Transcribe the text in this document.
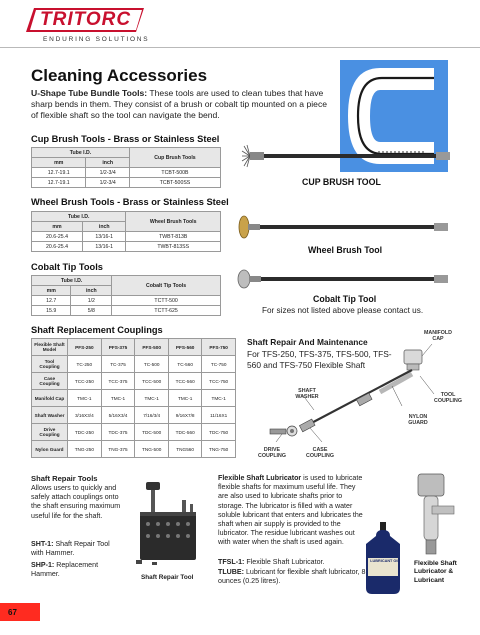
TRITORC
ENDURING SOLUTIONS
Cleaning Accessories
U-Shape Tube Bundle Tools: These tools are used to clean tubes that have sharp bends in them. They consist of a brush or cobalt tip mounted on a piece of flexible shaft so the tool can navigate the bend.
Cup Brush Tools - Brass or Stainless Steel
Tube I.D.		Cup Brush Tools
mm	inch	
12.7-19.1	1/2-3/4	TCBT-500B
12.7-19.1	1/2-3/4	TCBT-500SS	CUP BRUSH TOOL
Wheel Brush Tools - Brass or Stainless Steel
Tube I.D.		Wheel Brush Tools
mm	inch	
20.6-25.4	13/16-1	TWBT-813B
20.6-25.4	13/16-1	TWBT-813SS	Wheel Brush Tool
Cobalt Tip Tools
Tube I.D.		Cobalt Tip Tools
mm	inch	
12.7	1/2	TCTT-500
15.9	5/8	TCTT-625
Cobalt Tip Tool
For sizes not listed above please contact us.
Shaft Replacement Couplings
Flexible Shaft Model	PFS-250	PFS-375	PFS-500	PFS-560	PFS-750
Tool Coupling	TC-250	TC-375	TC-500	TC-560	TC-750
Case Coupling	TCC-250	TCC-375	TCC-500	TCC-560	TCC-750
Manifold Cap	TMC-1	TMC-1	TMC-1	TMC-1	TMC-1
Shaft Washer	3/16X3/4	5/16X3/4	7/16/3/4	9/16X7/8	11/16X1
Drive Coupling	TDC-250	TDC-375	TDC-500	TDC-560	TDC-750
Nylon Guard	TNG-250	TNG-375	TNG-500	TNG560	TNG-750
Shaft Repair And Maintenance
For TFS-250, TFS-375, TFS-500, TFS-560 and TFS-750 Flexible Shaft
MANIFOLD CAP
SHAFT WASHER	TOOL COUPLING
NYLON GUARD
DRIVE COUPLING
CASE COUPLING
Shaft Repair Tools
Allows users to quickly and safely attach couplings onto the shaft ensuring maximum useful life for the shaft.
SHT-1: Shaft Repair Tool with Hammer.
SHP-1: Replacement Hammer.	Shaft Repair Tool
Flexible Shaft Lubricator is used to lubricate flexible shafts for maximum useful life. They are also used to lubricate shafts prior to storage. The lubricator is filled with a water soluble lubricant that enters and lubricates the shaft when air supply is provided to the lubricator. The residue lubricant washes out with water when the shaft is used again.
TFSL-1: Flexible Shaft Lubricator.
TLUBE: Lubricant for flexible shaft lubricator, 8 ounces (0.25 litres).
LUBRICANT OIL Flexible Shaft Lubricator & Lubricant
67
